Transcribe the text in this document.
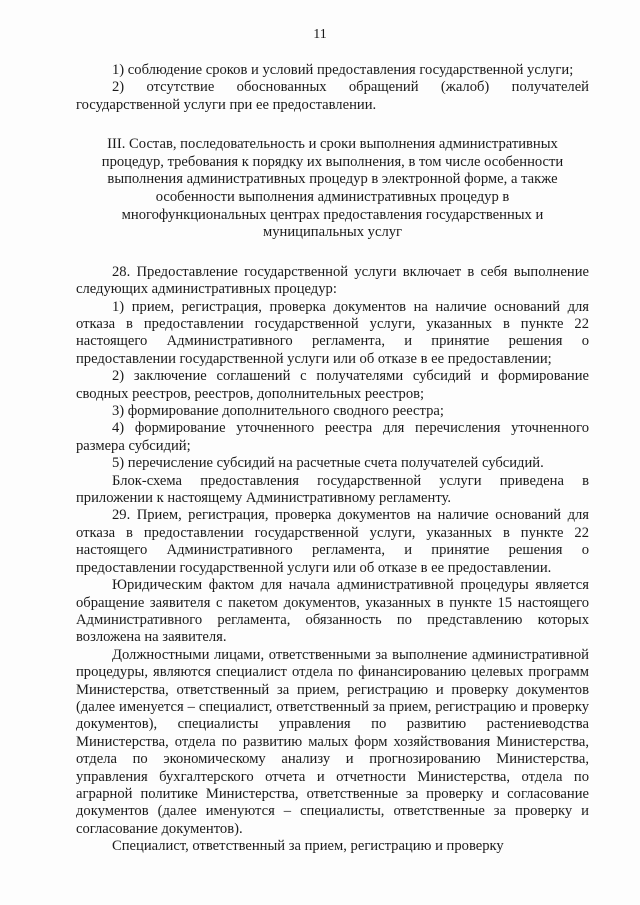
11

1) соблюдение сроков и условий предоставления государственной услуги;

2) отсутствие обоснованных обращений (жалоб) получателей государственной услуги при ее предоставлении.

III. Состав, последовательность и сроки выполнения административных процедур, требования к порядку их выполнения, в том числе особенности выполнения административных процедур в электронной форме, а также особенности выполнения административных процедур в многофункциональных центрах предоставления государственных и муниципальных услуг

28. Предоставление государственной услуги включает в себя выполнение следующих административных процедур:

1) прием, регистрация, проверка документов на наличие оснований для отказа в предоставлении государственной услуги, указанных в пункте 22 настоящего Административного регламента, и принятие решения о предоставлении государственной услуги или об отказе в ее предоставлении;

2) заключение соглашений с получателями субсидий и формирование сводных реестров, реестров, дополнительных реестров;

3) формирование дополнительного сводного реестра;

4) формирование уточненного реестра для перечисления уточненного размера субсидий;

5) перечисление субсидий на расчетные счета получателей субсидий.

Блок-схема предоставления государственной услуги приведена в приложении к настоящему Административному регламенту.

29. Прием, регистрация, проверка документов на наличие оснований для отказа в предоставлении государственной услуги, указанных в пункте 22 настоящего Административного регламента, и принятие решения о предоставлении государственной услуги или об отказе в ее предоставлении.

Юридическим фактом для начала административной процедуры является обращение заявителя с пакетом документов, указанных в пункте 15 настоящего Административного регламента, обязанность по представлению которых возложена на заявителя.

Должностными лицами, ответственными за выполнение административной процедуры, являются специалист отдела по финансированию целевых программ Министерства, ответственный за прием, регистрацию и проверку документов (далее именуется – специалист, ответственный за прием, регистрацию и проверку документов), специалисты управления по развитию растениеводства Министерства, отдела по развитию малых форм хозяйствования Министерства, отдела по экономическому анализу и прогнозированию Министерства, управления бухгалтерского отчета и отчетности Министерства, отдела по аграрной политике Министерства, ответственные за проверку и согласование документов (далее именуются – специалисты, ответственные за проверку и согласование документов).

Специалист, ответственный за прием, регистрацию и проверку
